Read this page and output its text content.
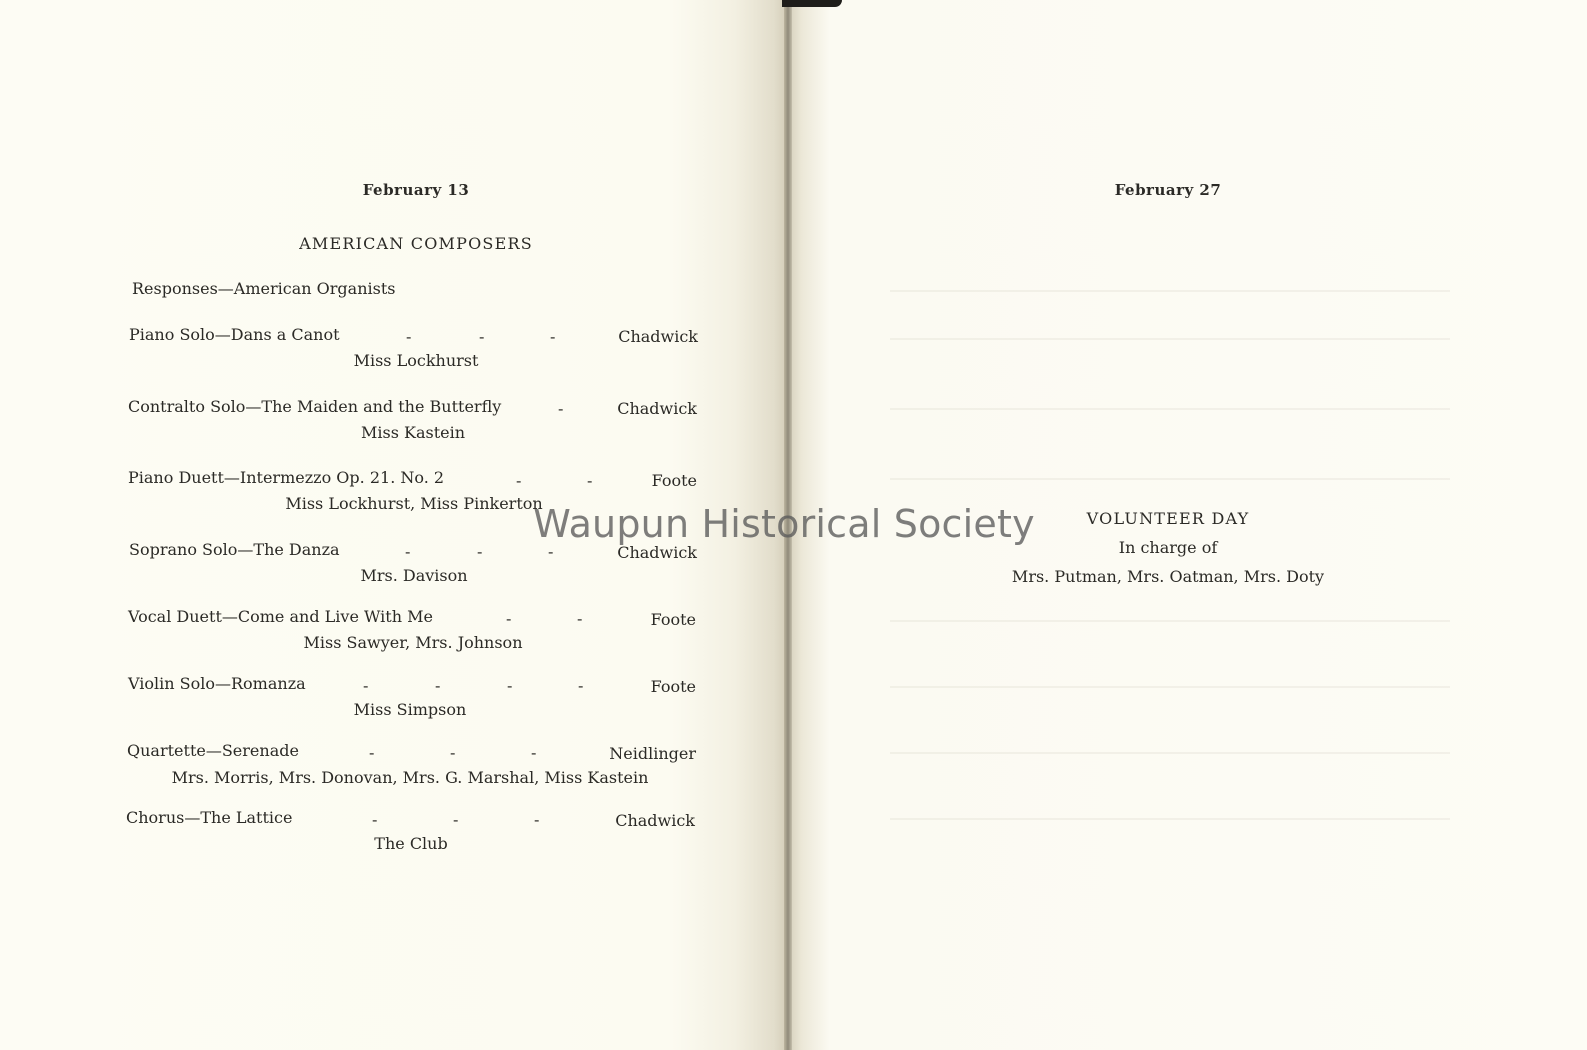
February 13
AMERICAN COMPOSERS
Responses—American Organists
Piano Solo—Dans a Canot	-	-	-	Chadwick
Miss Lockhurst
Contralto Solo—The Maiden and the Butterfly	-	Chadwick
Miss Kastein
Piano Duett—Intermezzo Op. 21. No. 2	-	-	Foote
Miss Lockhurst, Miss Pinkerton
Soprano Solo—The Danza	-	-	-	Chadwick
Mrs. Davison
Vocal Duett—Come and Live With Me	-	-	Foote
Miss Sawyer, Mrs. Johnson
Violin Solo—Romanza	-	-	-	-	Foote
Miss Simpson
Quartette—Serenade	-	-	-	Neidlinger
Mrs. Morris, Mrs. Donovan, Mrs. G. Marshal, Miss Kastein
Chorus—The Lattice	-	-	-	Chadwick
The Club
February 27
VOLUNTEER DAY
In charge of
Mrs. Putman, Mrs. Oatman, Mrs. Doty
Waupun Historical Society
